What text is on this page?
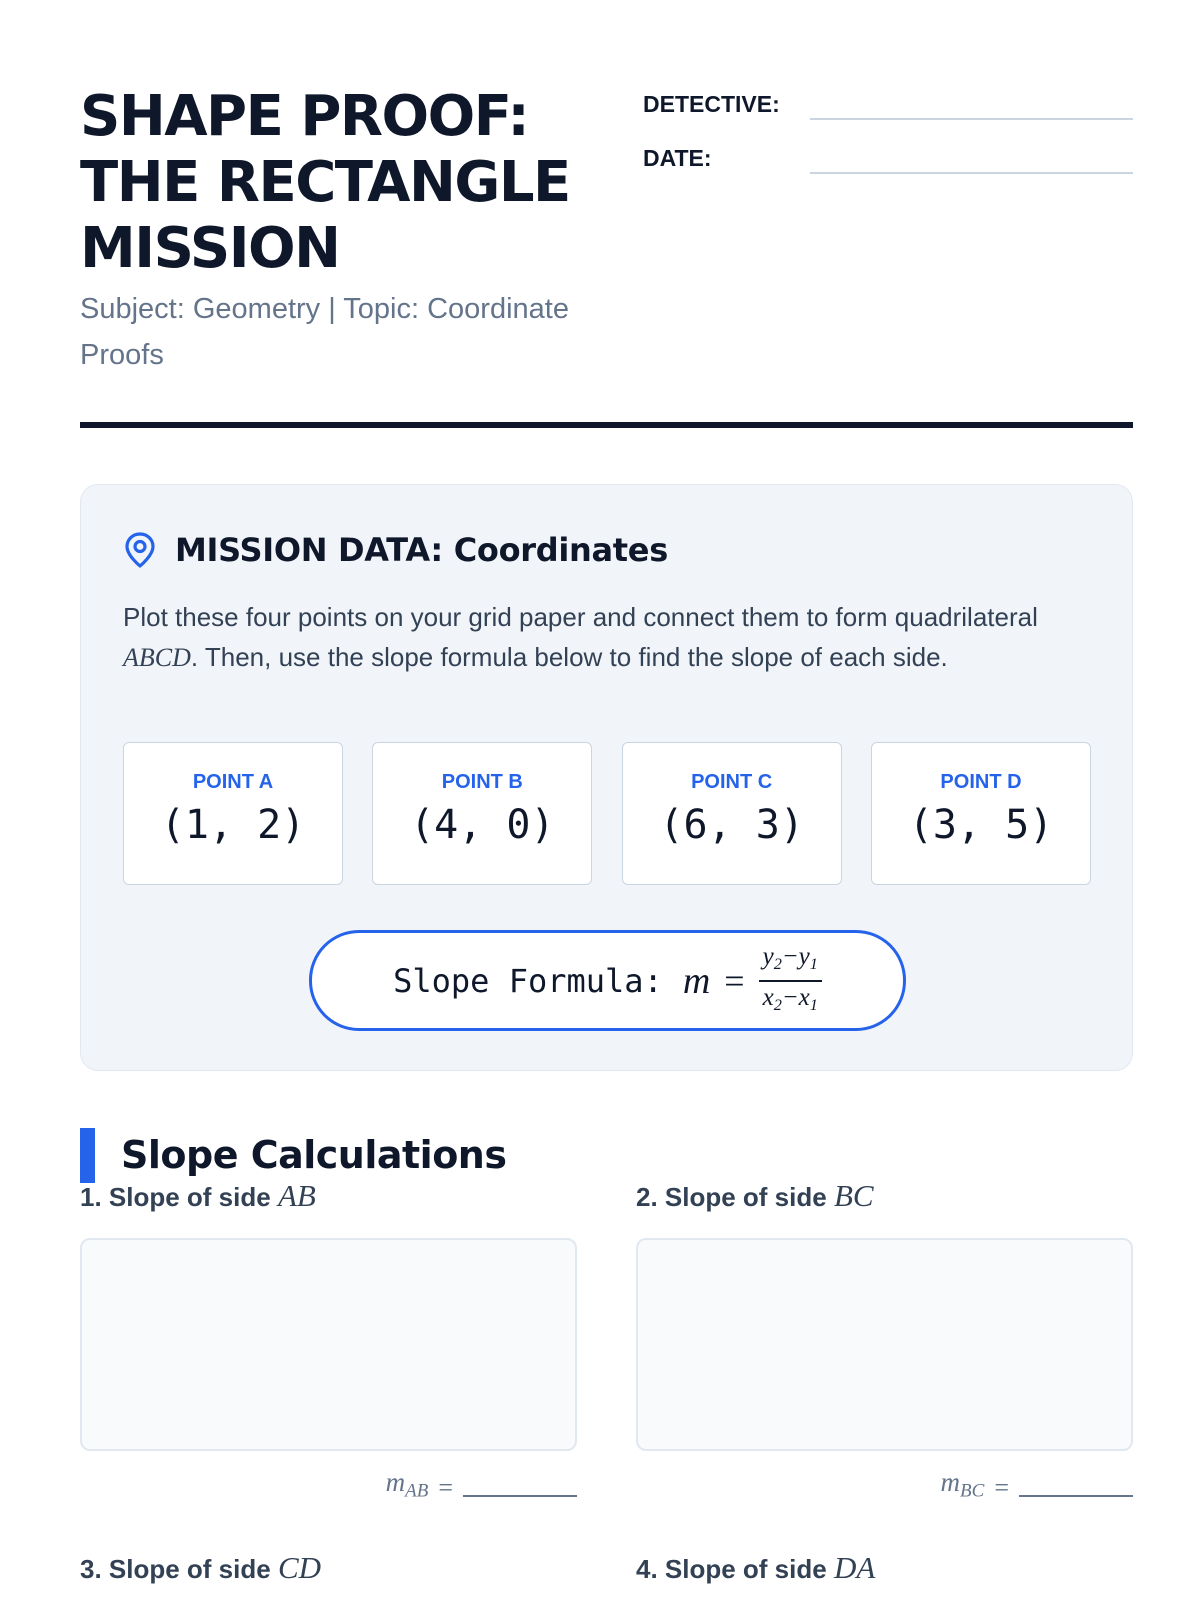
SHAPE PROOF: THE RECTANGLE MISSION

Subject: Geometry | Topic: Coordinate Proofs

DETECTIVE:
DATE:
MISSION DATA: Coordinates

Plot these four points on your grid paper and connect them to form quadrilateral ABCD. Then, use the slope formula below to find the slope of each side.

POINT A
(1, 2)
POINT B
(4, 0)
POINT C
(6, 3)
POINT D
(3, 5)
Slope Formula: $m = \frac{y_2-y_1}{x_2-x_1}$
Slope Calculations
1. Slope of side AB
$m_{AB}$ =
2. Slope of side BC
$m_{BC}$ =
3. Slope of side CD	4. Slope of side DA
